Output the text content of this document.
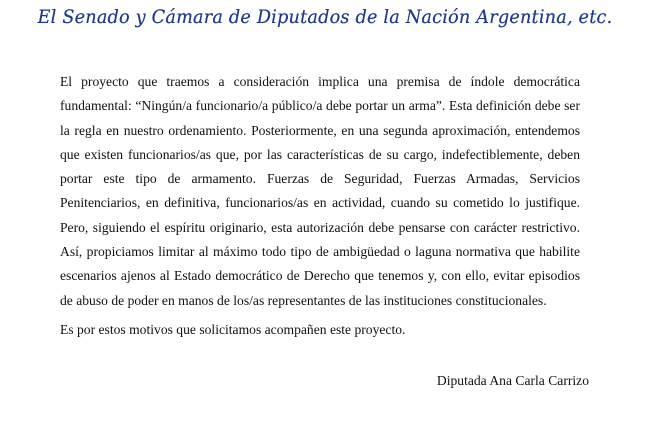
El Senado y Cámara de Diputados de la Nación Argentina, etc.

El proyecto que traemos a consideración implica una premisa de índole democrática fundamental: “Ningún/a funcionario/a público/a debe portar un arma”. Esta definición debe ser la regla en nuestro ordenamiento. Posteriormente, en una segunda aproximación, entendemos que existen funcionarios/as que, por las características de su cargo, indefectiblemente, deben portar este tipo de armamento. Fuerzas de Seguridad, Fuerzas Armadas, Servicios Penitenciarios, en definitiva, funcionarios/as en actividad, cuando su cometido lo justifique. Pero, siguiendo el espíritu originario, esta autorización debe pensarse con carácter restrictivo. Así, propiciamos limitar al máximo todo tipo de ambigüedad o laguna normativa que habilite escenarios ajenos al Estado democrático de Derecho que tenemos y, con ello, evitar episodios de abuso de poder en manos de los/as representantes de las instituciones constitucionales.

Es por estos motivos que solicitamos acompañen este proyecto.

Diputada Ana Carla Carrizo
